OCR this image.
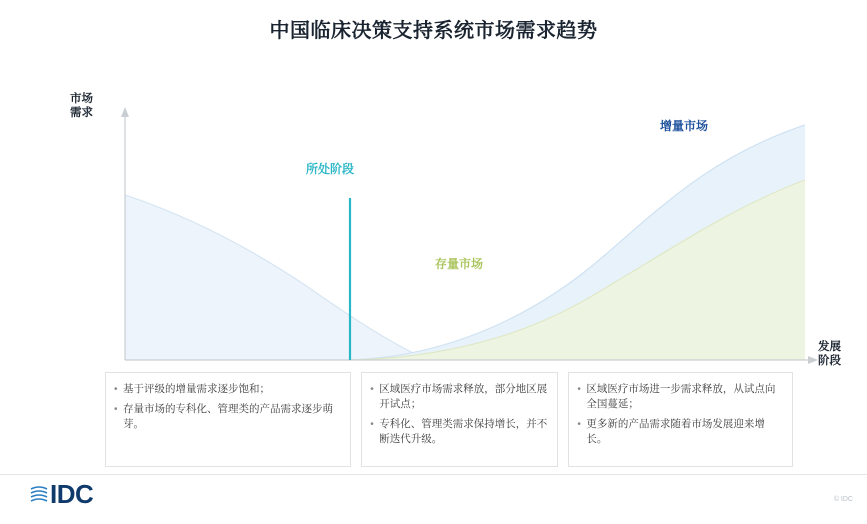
中国临床决策支持系统市场需求趋势
市场
需求
发展
阶段
所处阶段
存量市场
增量市场
• 基于评级的增量需求逐步饱和；
• 存量市场的专科化、管理类的产品需求逐步萌芽。
• 区域医疗市场需求释放，部分地区展开试点；
• 专科化、管理类需求保持增长，并不断迭代升级。
• 区域医疗市场进一步需求释放，从试点向全国蔓延；
• 更多新的产品需求随着市场发展迎来增长。
IDC	© IDC
